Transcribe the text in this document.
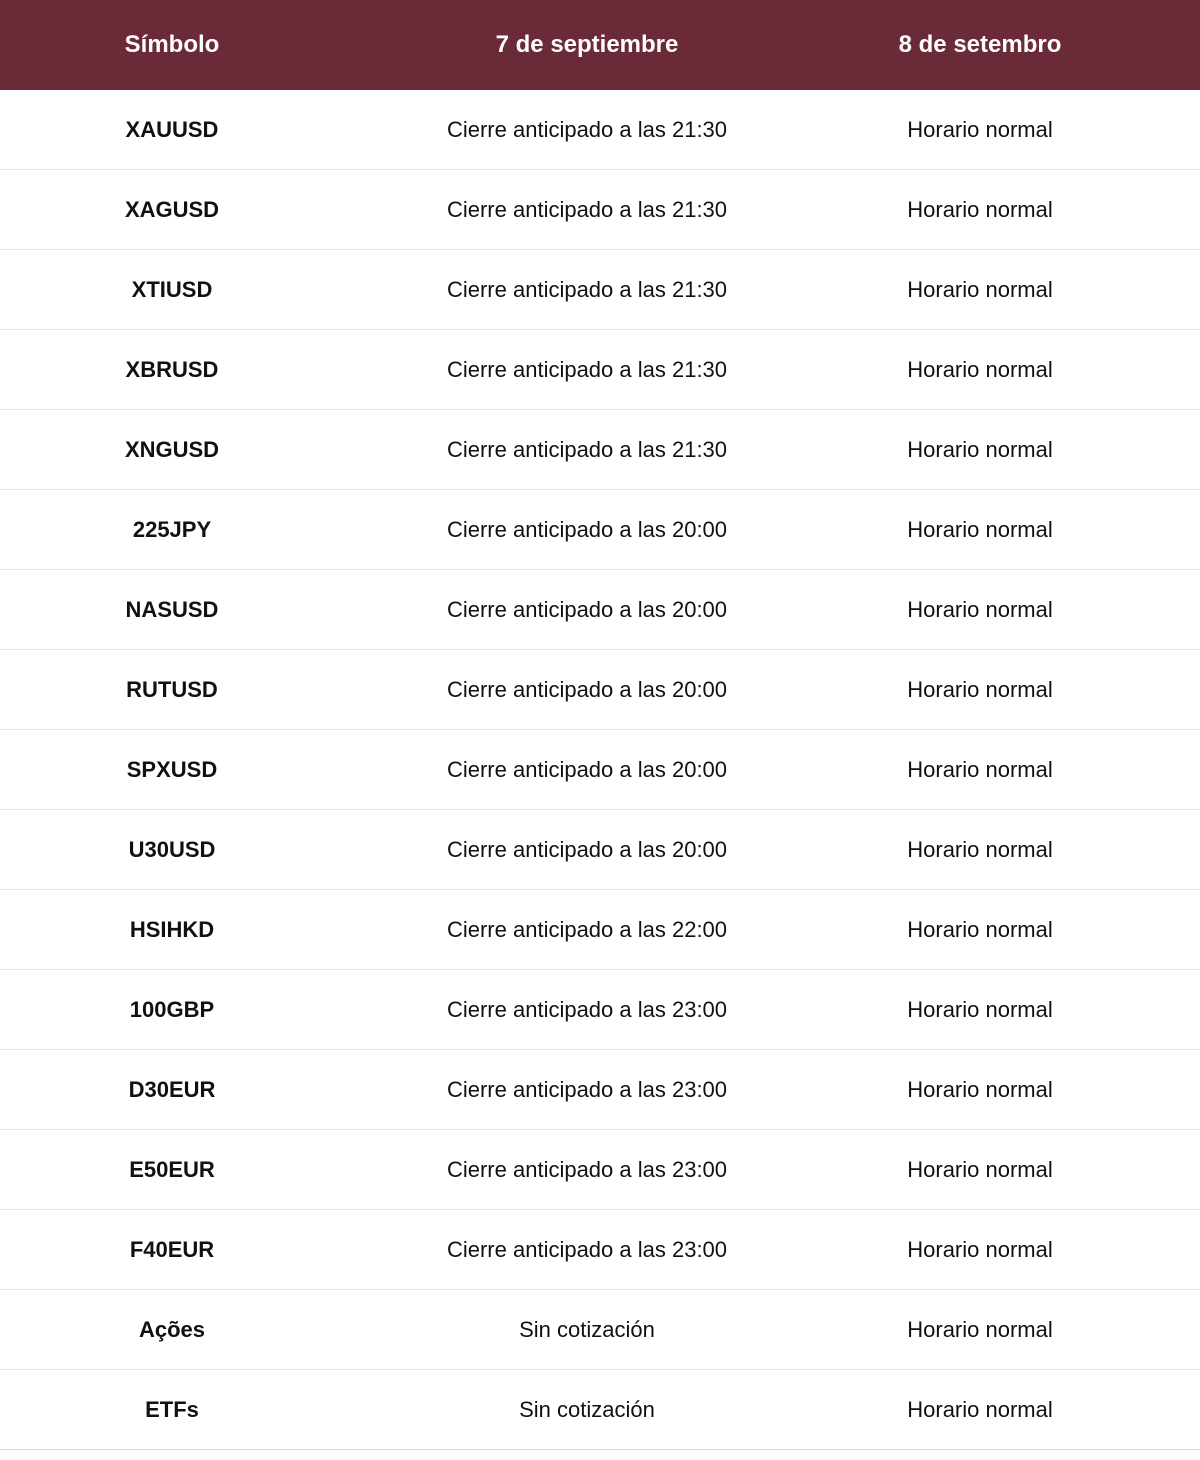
Símbolo	7 de septiembre	8 de setembro
XAUUSD	Cierre anticipado a las 21:30	Horario normal
XAGUSD	Cierre anticipado a las 21:30	Horario normal
XTIUSD	Cierre anticipado a las 21:30	Horario normal
XBRUSD	Cierre anticipado a las 21:30	Horario normal
XNGUSD	Cierre anticipado a las 21:30	Horario normal
225JPY	Cierre anticipado a las 20:00	Horario normal
NASUSD	Cierre anticipado a las 20:00	Horario normal
RUTUSD	Cierre anticipado a las 20:00	Horario normal
SPXUSD	Cierre anticipado a las 20:00	Horario normal
U30USD	Cierre anticipado a las 20:00	Horario normal
HSIHKD	Cierre anticipado a las 22:00	Horario normal
100GBP	Cierre anticipado a las 23:00	Horario normal
D30EUR	Cierre anticipado a las 23:00	Horario normal
E50EUR	Cierre anticipado a las 23:00	Horario normal
F40EUR	Cierre anticipado a las 23:00	Horario normal
Ações	Sin cotización	Horario normal
ETFs	Sin cotización	Horario normal
